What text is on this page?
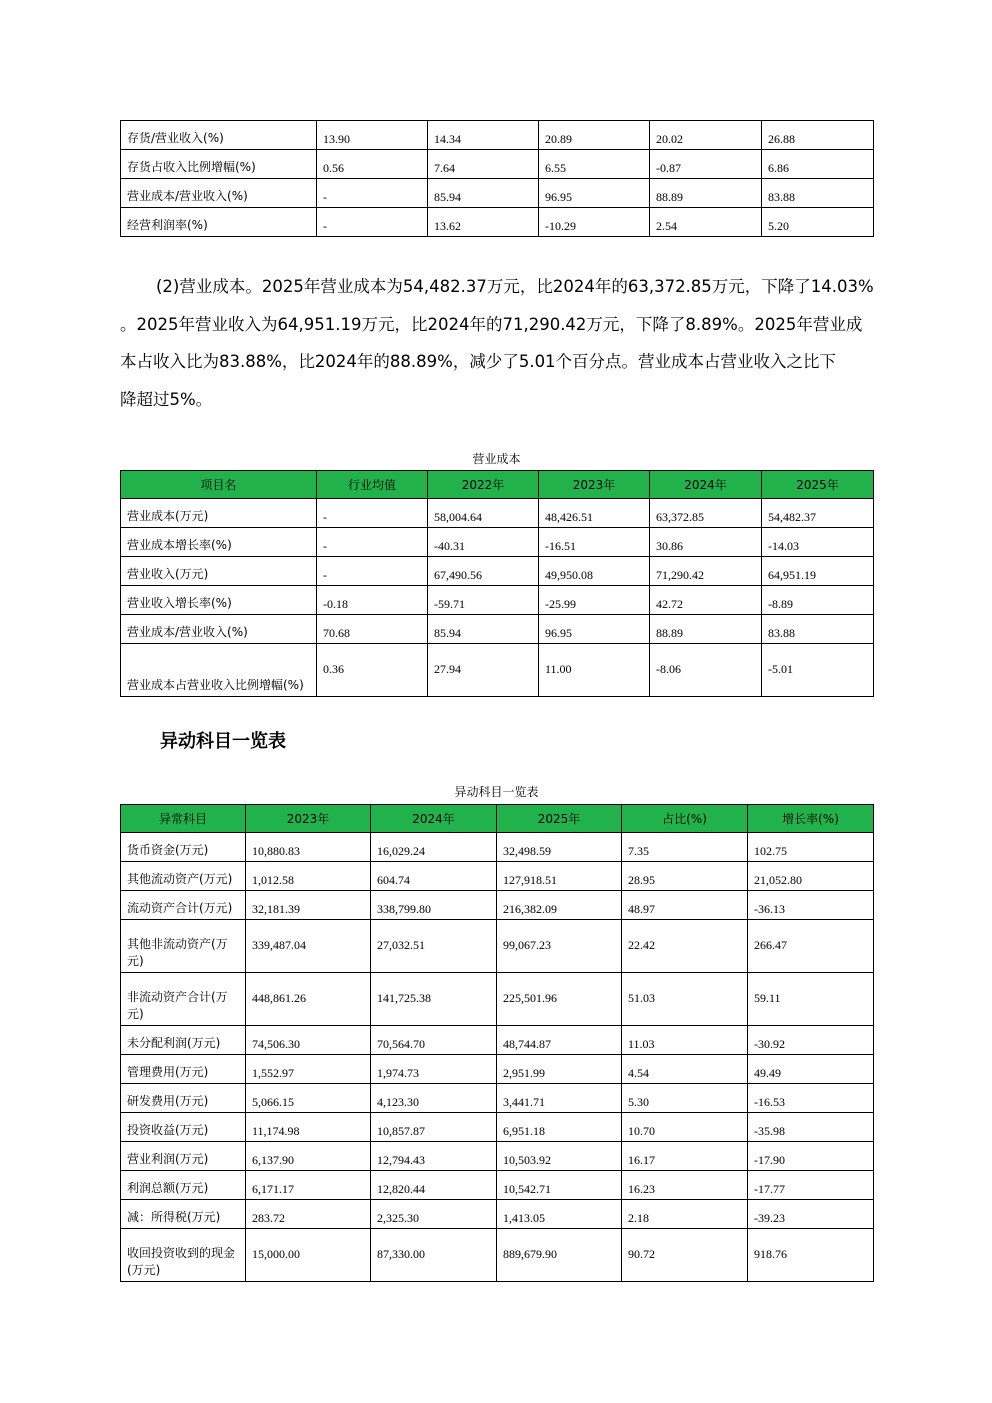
存货/营业收入(%)	13.90	14.34	20.89	20.02	26.88
存货占收入比例增幅(%)	0.56	7.64	6.55	-0.87	6.86
营业成本/营业收入(%)	-	85.94	96.95	88.89	83.88
经营利润率(%)	-	13.62	-10.29	2.54	5.20

(2)营业成本。2025年营业成本为54,482.37万元，比2024年的63,372.85万元，下降了14.03%
。2025年营业收入为64,951.19万元，比2024年的71,290.42万元，下降了8.89%。2025年营业成
本占收入比为83.88%，比2024年的88.89%，减少了5.01个百分点。营业成本占营业收入之比下
降超过5%。

营业成本
项目名	行业均值	2022年	2023年	2024年	2025年
营业成本(万元)	-	58,004.64	48,426.51	63,372.85	54,482.37
营业成本增长率(%)	-	-40.31	-16.51	30.86	-14.03
营业收入(万元)	-	67,490.56	49,950.08	71,290.42	64,951.19
营业收入增长率(%)	-0.18	-59.71	-25.99	42.72	-8.89
营业成本/营业收入(%)	70.68	85.94	96.95	88.89	83.88
营业成本占营业收入比例增幅(%)	0.36	27.94	11.00	-8.06	-5.01
异动科目一览表
异动科目一览表
异常科目	2023年	2024年	2025年	占比(%)	增长率(%)
货币资金(万元)	10,880.83	16,029.24	32,498.59	7.35	102.75
其他流动资产(万元)	1,012.58	604.74	127,918.51	28.95	21,052.80
流动资产合计(万元)	32,181.39	338,799.80	216,382.09	48.97	-36.13
其他非流动资产(万元)	339,487.04	27,032.51	99,067.23	22.42	266.47
非流动资产合计(万元)	448,861.26	141,725.38	225,501.96	51.03	59.11
未分配利润(万元)	74,506.30	70,564.70	48,744.87	11.03	-30.92
管理费用(万元)	1,552.97	1,974.73	2,951.99	4.54	49.49
研发费用(万元)	5,066.15	4,123.30	3,441.71	5.30	-16.53
投资收益(万元)	11,174.98	10,857.87	6,951.18	10.70	-35.98
营业利润(万元)	6,137.90	12,794.43	10,503.92	16.17	-17.90
利润总额(万元)	6,171.17	12,820.44	10,542.71	16.23	-17.77
减：所得税(万元)	283.72	2,325.30	1,413.05	2.18	-39.23
收回投资收到的现金(万元)	15,000.00	87,330.00	889,679.90	90.72	918.76
